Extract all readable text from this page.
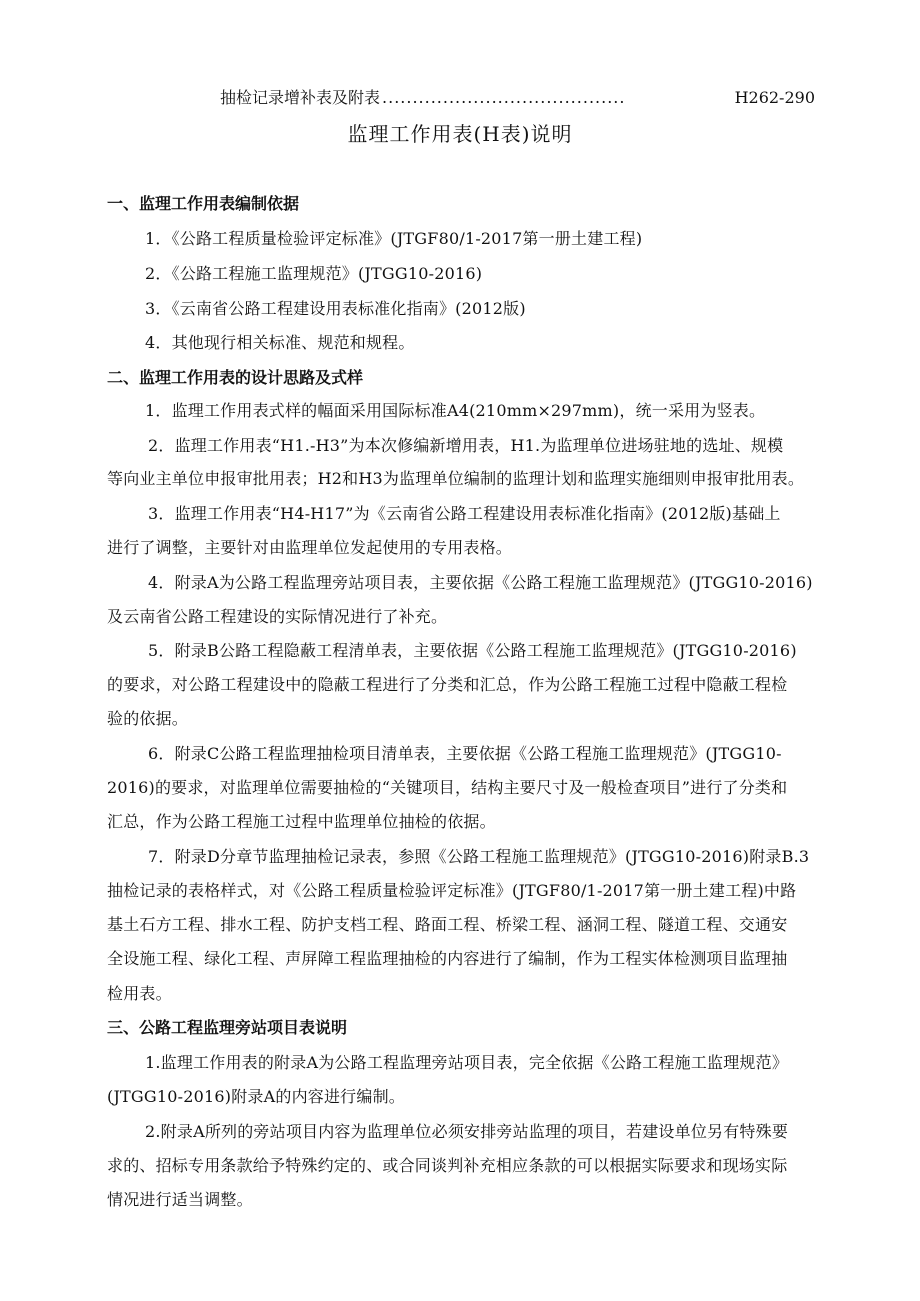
抽检记录增补表及附表 ........................................	H262-290
监理工作用表(H表)说明
一、监理工作用表编制依据
1．《公路工程质量检验评定标准》(JTGF80/1-2017第一册土建工程)
2．《公路工程施工监理规范》(JTGG10-2016)
3．《云南省公路工程建设用表标准化指南》(2012版)
4．其他现行相关标准、规范和规程。
二、监理工作用表的设计思路及式样
1．监理工作用表式样的幅面采用国际标准A4(210mm×297mm)，统一采用为竖表。
2．监理工作用表“H1.-H3”为本次修编新增用表，H1.为监理单位进场驻地的选址、规模
等向业主单位申报审批用表；H2和H3为监理单位编制的监理计划和监理实施细则申报审批用表。
3．监理工作用表“H4-H17”为《云南省公路工程建设用表标准化指南》(2012版)基础上
进行了调整，主要针对由监理单位发起使用的专用表格。
4．附录A为公路工程监理旁站项目表，主要依据《公路工程施工监理规范》(JTGG10-2016)
及云南省公路工程建设的实际情况进行了补充。
5．附录B公路工程隐蔽工程清单表，主要依据《公路工程施工监理规范》(JTGG10-2016)
的要求，对公路工程建设中的隐蔽工程进行了分类和汇总，作为公路工程施工过程中隐蔽工程检
验的依据。
6．附录C公路工程监理抽检项目清单表，主要依据《公路工程施工监理规范》(JTGG10-
2016)的要求，对监理单位需要抽检的“关键项目，结构主要尺寸及一般检查项目”进行了分类和
汇总，作为公路工程施工过程中监理单位抽检的依据。
7．附录D分章节监理抽检记录表，参照《公路工程施工监理规范》(JTGG10-2016)附录B.3
抽检记录的表格样式，对《公路工程质量检验评定标准》(JTGF80/1-2017第一册土建工程)中路
基土石方工程、排水工程、防护支档工程、路面工程、桥梁工程、涵洞工程、隧道工程、交通安
全设施工程、绿化工程、声屏障工程监理抽检的内容进行了编制，作为工程实体检测项目监理抽
检用表。
三、公路工程监理旁站项目表说明
1.监理工作用表的附录A为公路工程监理旁站项目表，完全依据《公路工程施工监理规范》
(JTGG10-2016)附录A的内容进行编制。
2.附录A所列的旁站项目内容为监理单位必须安排旁站监理的项目，若建设单位另有特殊要
求的、招标专用条款给予特殊约定的、或合同谈判补充相应条款的可以根据实际要求和现场实际
情况进行适当调整。
